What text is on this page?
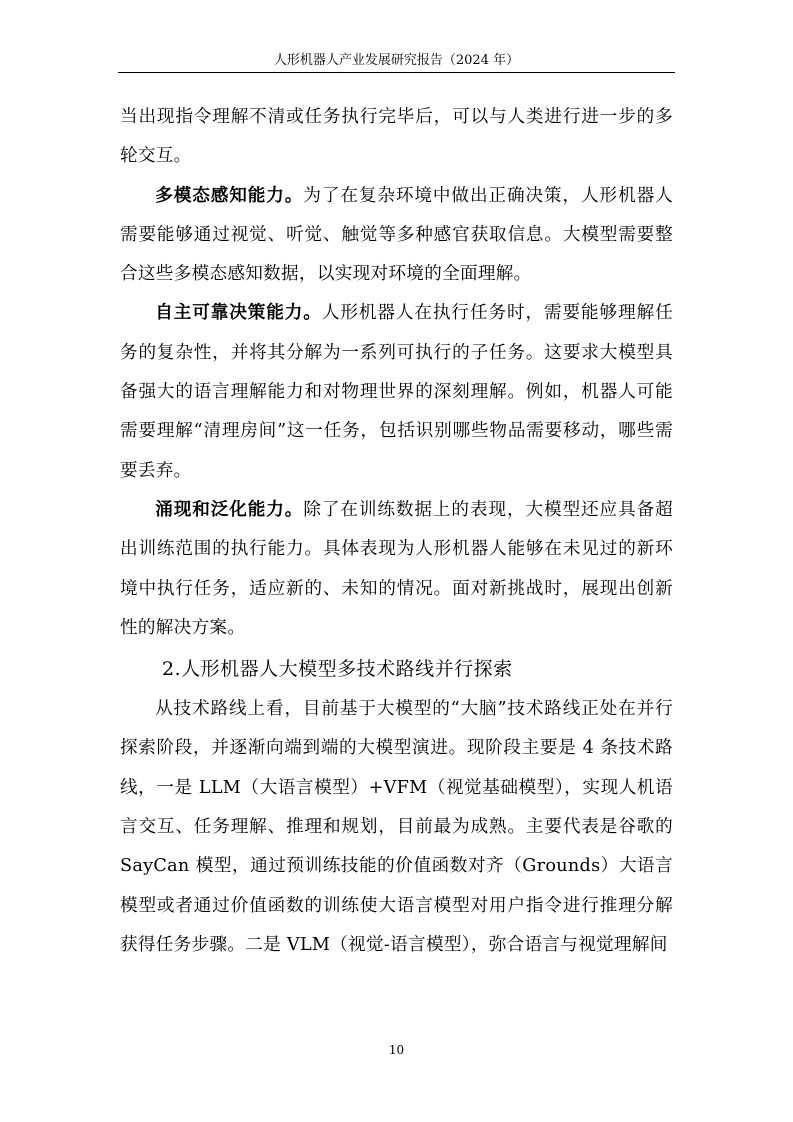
人形机器人产业发展研究报告（2024 年）

当出现指令理解不清或任务执行完毕后，可以与人类进行进一步的多轮交互。

多模态感知能力。为了在复杂环境中做出正确决策，人形机器人需要能够通过视觉、听觉、触觉等多种感官获取信息。大模型需要整合这些多模态感知数据，以实现对环境的全面理解。

自主可靠决策能力。人形机器人在执行任务时，需要能够理解任务的复杂性，并将其分解为一系列可执行的子任务。这要求大模型具备强大的语言理解能力和对物理世界的深刻理解。例如，机器人可能需要理解“清理房间”这一任务，包括识别哪些物品需要移动，哪些需要丢弃。

涌现和泛化能力。除了在训练数据上的表现，大模型还应具备超出训练范围的执行能力。具体表现为人形机器人能够在未见过的新环境中执行任务，适应新的、未知的情况。面对新挑战时，展现出创新性的解决方案。

2.人形机器人大模型多技术路线并行探索

从技术路线上看，目前基于大模型的“大脑”技术路线正处在并行探索阶段，并逐渐向端到端的大模型演进。现阶段主要是 4 条技术路线，一是 LLM（大语言模型）+VFM（视觉基础模型），实现人机语言交互、任务理解、推理和规划，目前最为成熟。主要代表是谷歌的 SayCan 模型，通过预训练技能的价值函数对齐（Grounds）大语言模型或者通过价值函数的训练使大语言模型对用户指令进行推理分解获得任务步骤。二是 VLM（视觉-语言模型），弥合语言与视觉理解间

10
